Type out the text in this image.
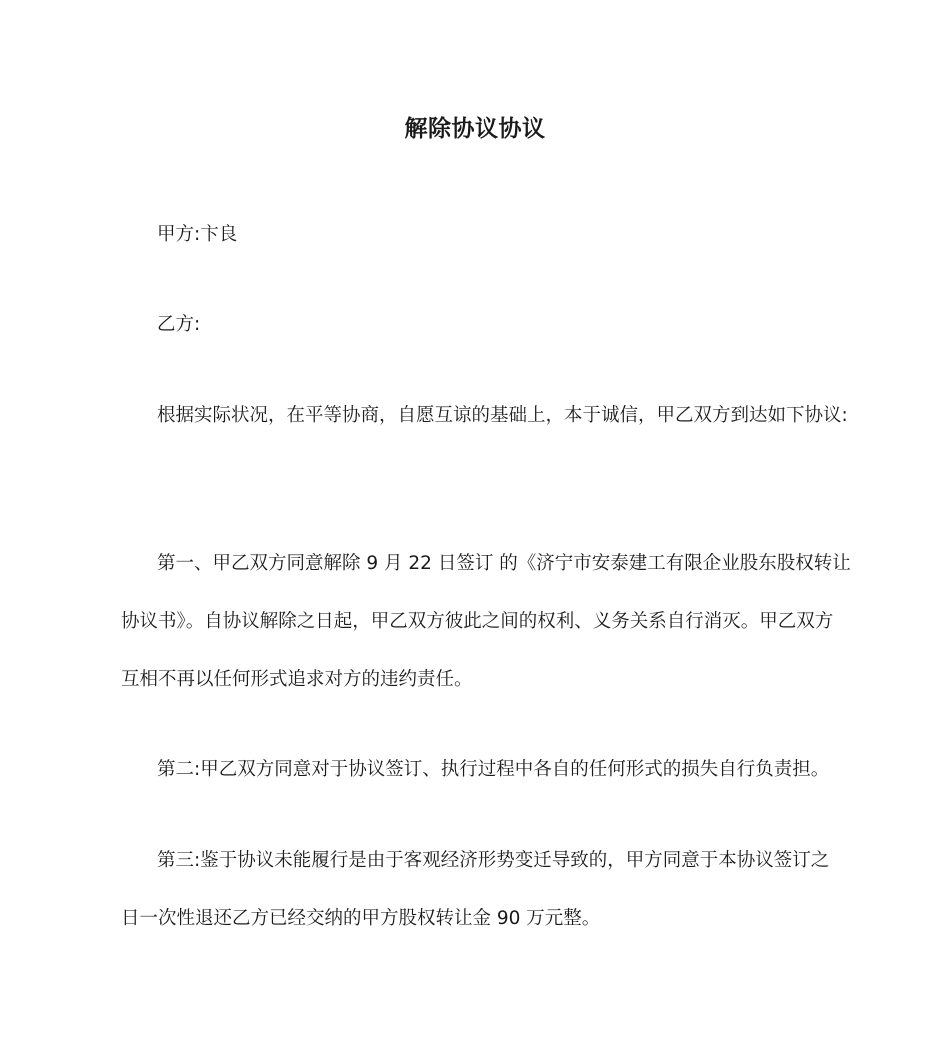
解除协议协议
甲方:卞良
乙方:
根据实际状况，在平等协商，自愿互谅的基础上，本于诚信，甲乙双方到达如下协议:
第一、甲乙双方同意解除 9 月 22 日签订 的《济宁市安泰建工有限企业股东股权转让
协议书》。自协议解除之日起，甲乙双方彼此之间的权利、义务关系自行消灭。甲乙双方
互相不再以任何形式追求对方的违约责任。
第二:甲乙双方同意对于协议签订、执行过程中各自的任何形式的损失自行负责担。
第三:鉴于协议未能履行是由于客观经济形势变迁导致的，甲方同意于本协议签订之
日一次性退还乙方已经交纳的甲方股权转让金 90 万元整。
